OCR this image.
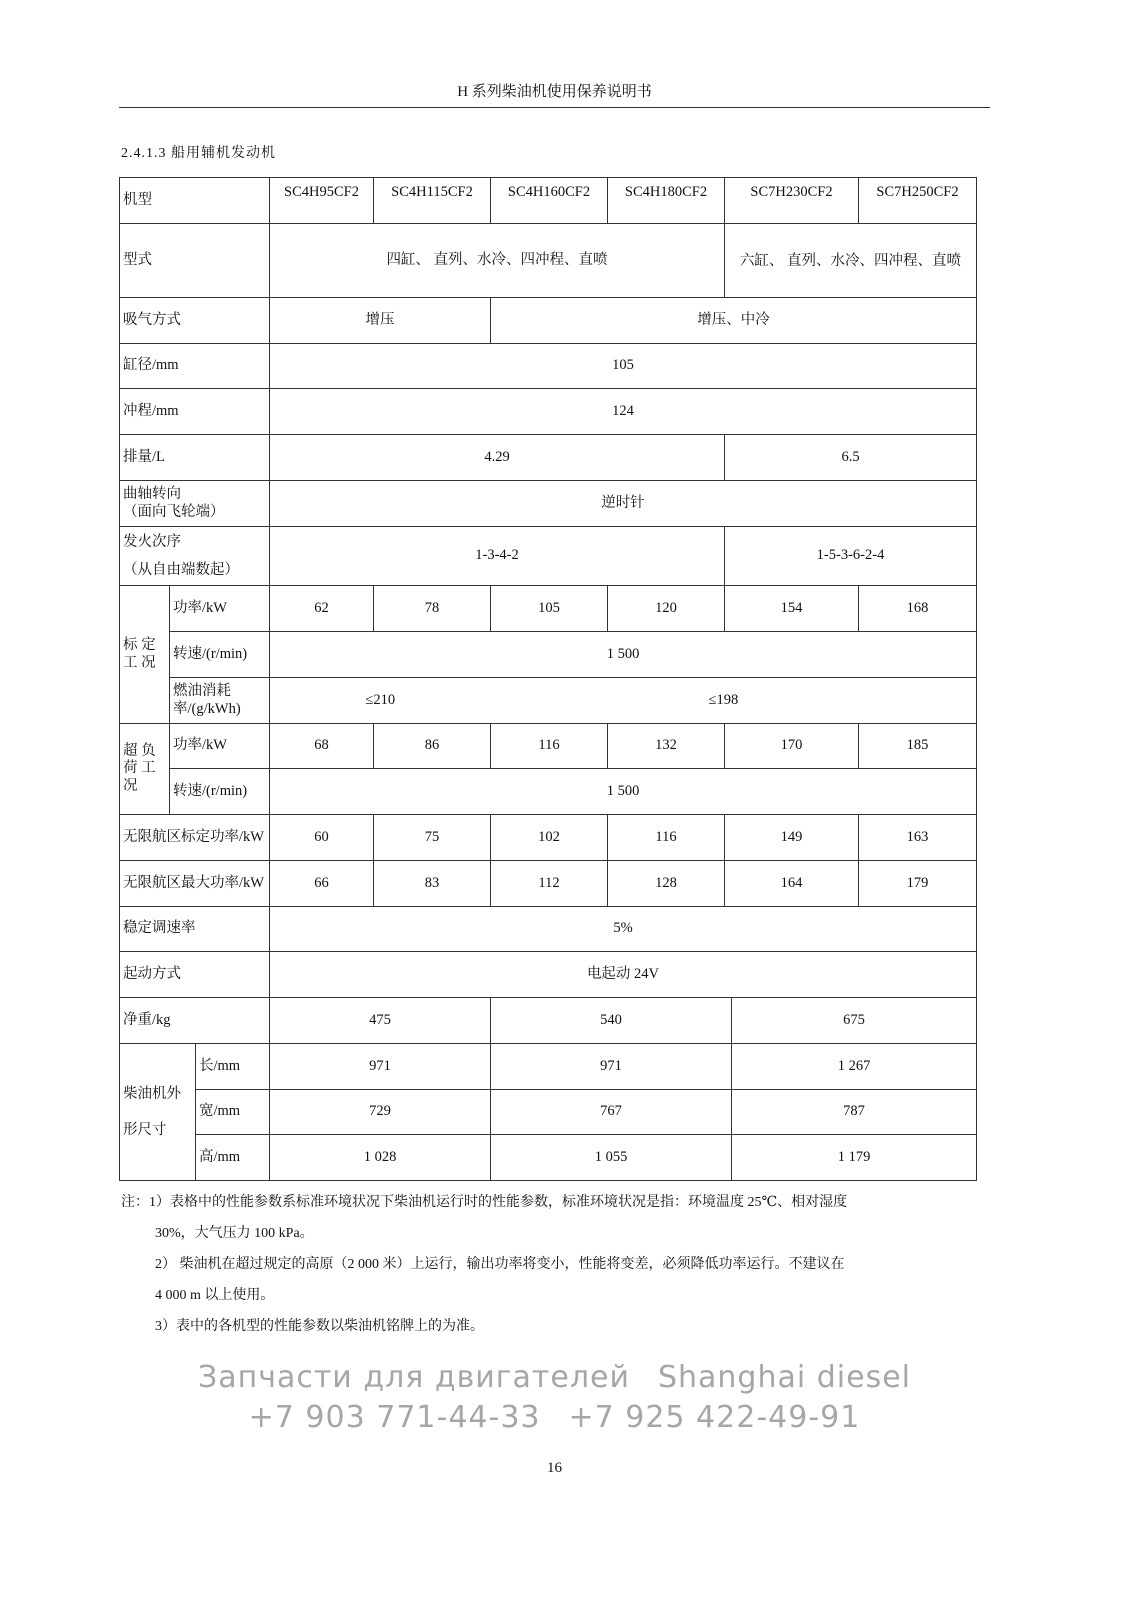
H 系列柴油机使用保养说明书
2.4.1.3 船用辅机发动机
机型			SC4H95CF2	SC4H115CF2	SC4H160CF2	SC4H180CF2	SC7H230CF2		SC7H250CF2
型式			四缸、 直列、水冷、四冲程、直喷				六缸、 直列、水冷、四冲程、直喷		
吸气方式			增压		增压、中冷				
缸径/mm			105						
冲程/mm			124						
排量/L			4.29				6.5		

曲轴转向
（面向飞轮端）			逆时针						

发火次序
（从自由端数起）			1-3-4-2				1-5-3-6-2-4		
标 定 工 况	功率/kW		62	78	105	120	154		168
	转速/(r/min)		1 500						
	燃油消耗率/(g/kWh)		≤210		≤198				
超 负 荷 工 况	功率/kW		68	86	116	132	170		185
	转速/(r/min)		1 500						
无限航区标定功率/kW			60	75	102	116	149		163
无限航区最大功率/kW			66	83	112	128	164		179
稳定调速率			5%						
起动方式			电起动 24V						
净重/kg			475		540			675	
柴油机外形尺寸		长/mm	971		971			1 267	
		宽/mm	729		767			787	
		高/mm	1 028		1 055			1 179	

注：1）表格中的性能参数系标准环境状况下柴油机运行时的性能参数，标准环境状况是指：环境温度 25℃、相对湿度

30%，大气压力 100 kPa。

2） 柴油机在超过规定的高原（2 000 米）上运行，输出功率将变小，性能将变差，必须降低功率运行。不建议在

4 000 m 以上使用。

3）表中的各机型的性能参数以柴油机铭牌上的为准。

Запчасти для двигателей Shanghai diesel
+7 903 771-44-33 +7 925 422-49-91
16
